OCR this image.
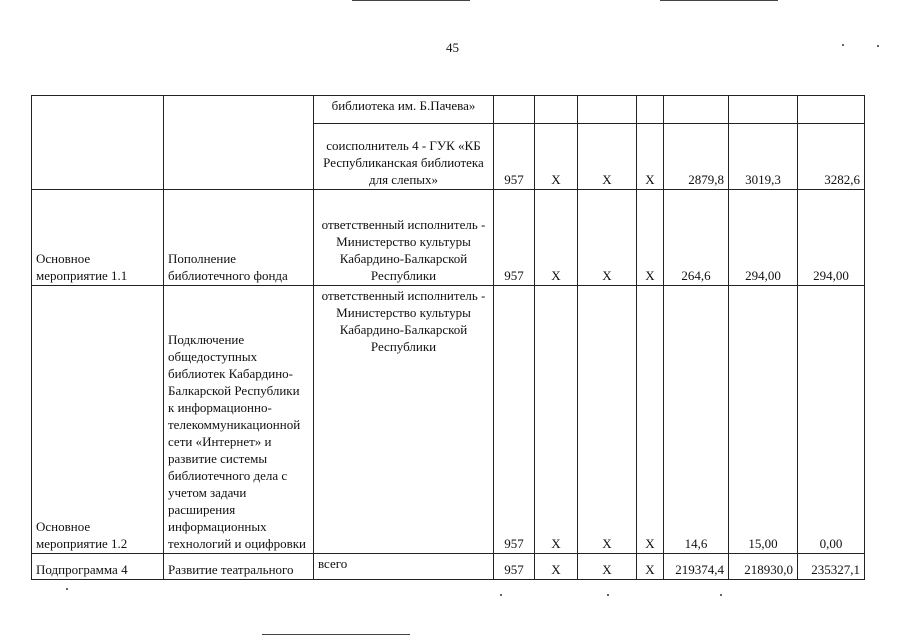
45
		библиотека им. Б.Пачева»							
		соисполнитель 4 - ГУК «КБ Республиканская библиотека для слепых»	957	Х	Х	Х	2879,8	3019,3	3282,6
Основное мероприятие 1.1	Пополнение библиотечного фонда	ответственный исполнитель - Министерство культуры Кабардино-Балкарской Республики	957	Х	Х	Х	264,6	294,00	294,00
Основное мероприятие 1.2	Подключение общедоступных библиотек Кабардино-Балкарской Республики к информационно-телекоммуникационной сети «Интернет» и развитие системы библиотечного дела с учетом задачи расширения информационных технологий и оцифровки	ответственный исполнитель - Министерство культуры Кабардино-Балкарской Республики	957	Х	Х	Х	14,6	15,00	0,00
Подпрограмма 4	Развитие театрального	всего	957	Х	Х	Х	219374,4	218930,0	235327,1
